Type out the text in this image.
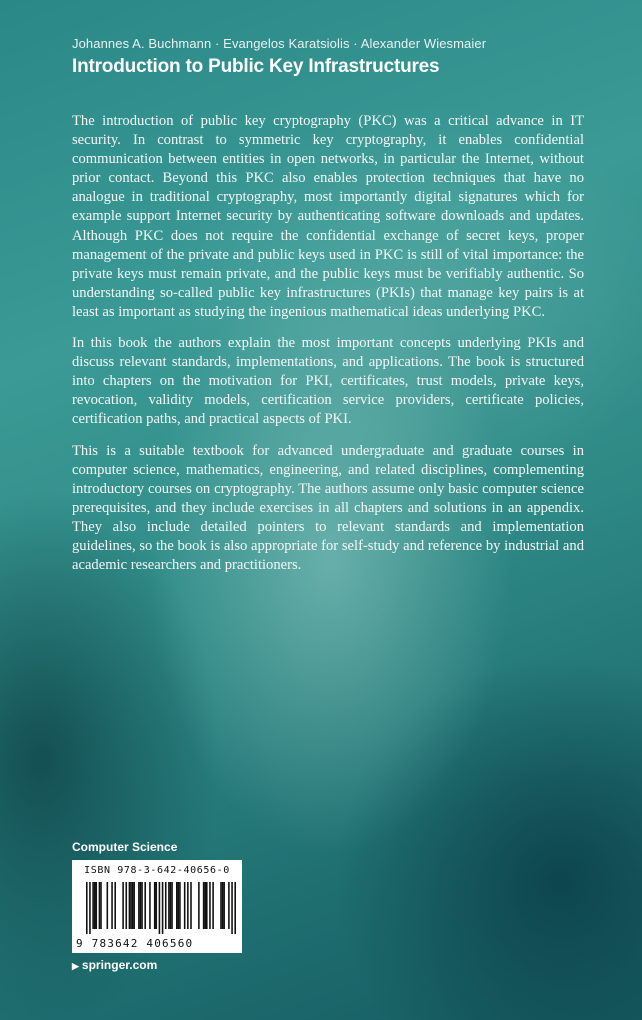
Johannes A. Buchmann · Evangelos Karatsiolis · Alexander Wiesmaier
Introduction to Public Key Infrastructures

The introduction of public key cryptography (PKC) was a critical advance in IT security. In contrast to symmetric key cryptography, it enables confidential communication between entities in open networks, in particular the Internet, without prior contact. Beyond this PKC also enables protection techniques that have no analogue in traditional cryptography, most importantly digital signatures which for example support Internet security by authenticating software downloads and updates. Although PKC does not require the confidential exchange of secret keys, proper management of the private and public keys used in PKC is still of vital importance: the private keys must remain private, and the public keys must be verifiably authentic. So understanding so-called public key infrastructures (PKIs) that manage key pairs is at least as important as studying the ingenious mathematical ideas underlying PKC.

In this book the authors explain the most important concepts underlying PKIs and discuss relevant standards, implementations, and applications. The book is structured into chapters on the motivation for PKI, certificates, trust models, private keys, revocation, validity models, certification service providers, certificate policies, certification paths, and practical aspects of PKI.

This is a suitable textbook for advanced undergraduate and graduate courses in computer science, mathematics, engineering, and related disciplines, complementing introductory courses on cryptography. The authors assume only basic computer science prerequisites, and they include exercises in all chapters and solutions in an appendix. They also include detailed pointers to relevant standards and implementation guidelines, so the book is also appropriate for self-study and reference by industrial and academic researchers and practitioners.

Computer Science
ISBN 978-3-642-40656-0
9 783642 406560
▶ springer.com
